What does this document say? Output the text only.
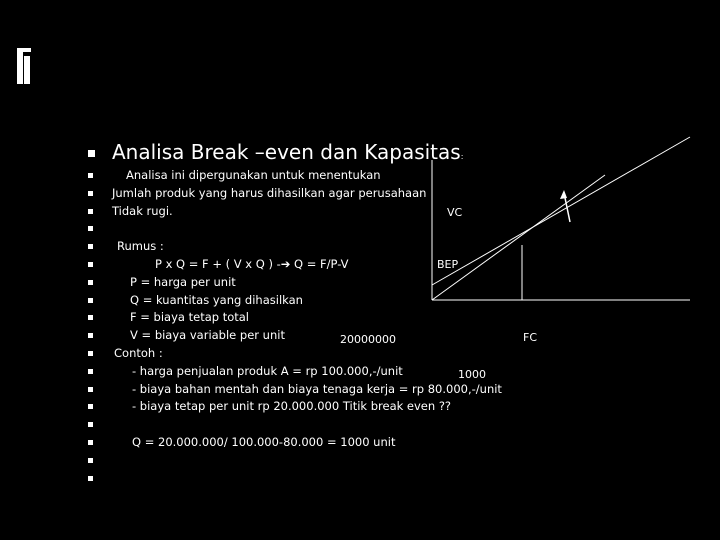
Analisa Break –even dan Kapasitas:
VC
BEP
FC
20000000
1000
Analisa ini dipergunakan untuk menentukan
Jumlah produk yang harus dihasilkan agar perusahaan
Tidak rugi.
Rumus :
P x Q = F + ( V x Q ) -➔ Q = F/P-V
P = harga per unit
Q = kuantitas yang dihasilkan
F = biaya tetap total
V = biaya variable per unit
Contoh :
- harga penjualan produk A = rp 100.000,-/unit
- biaya bahan mentah dan biaya tenaga kerja = rp 80.000,-/unit
- biaya tetap per unit rp 20.000.000 Titik break even ??
Q = 20.000.000/ 100.000-80.000 = 1000 unit
